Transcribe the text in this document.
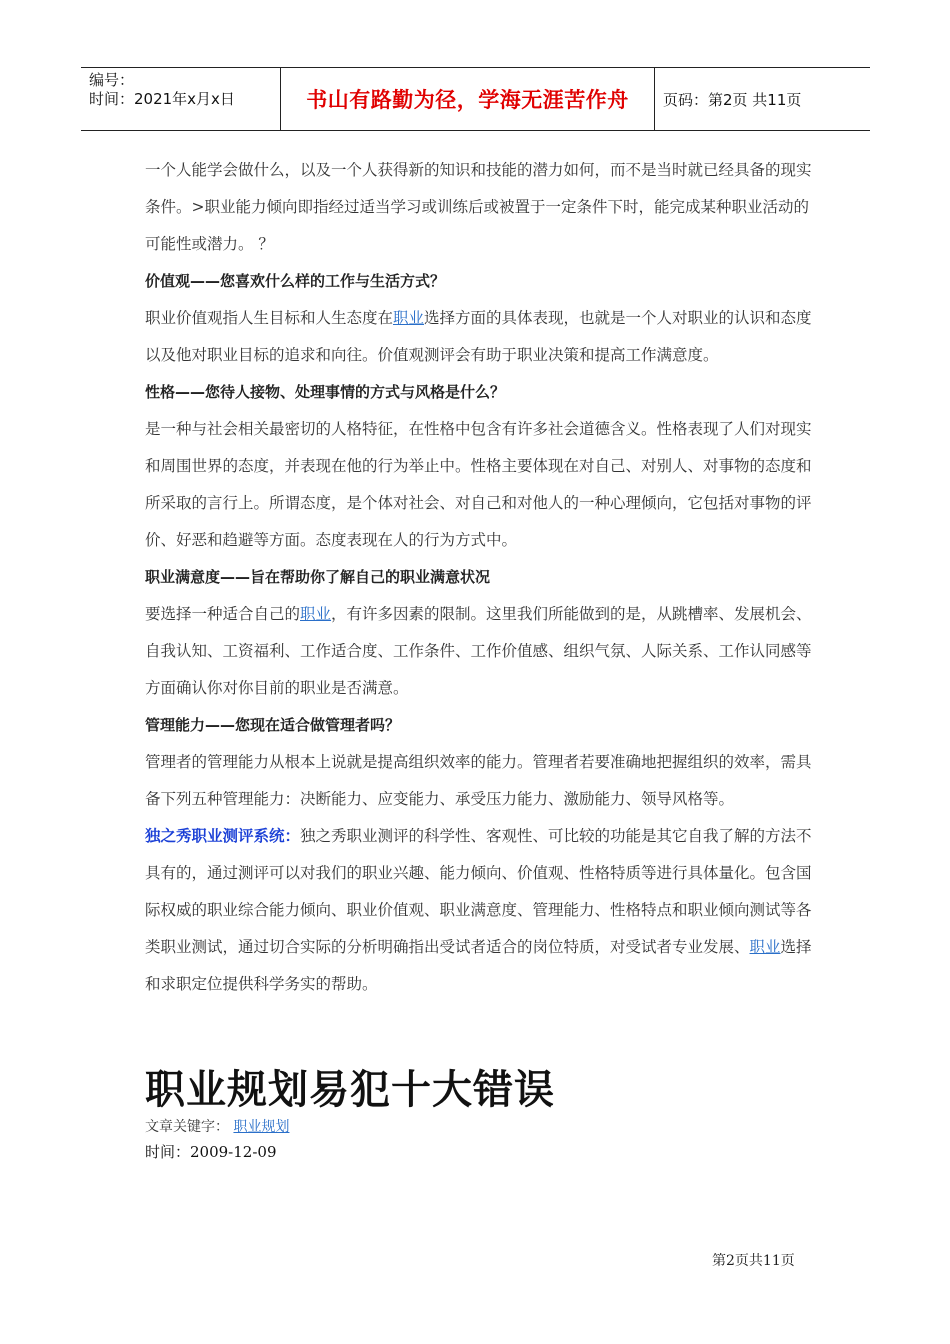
编号：
时间：2021年x月x日	书山有路勤为径，学海无涯苦作舟	页码：第2页 共11页

一个人能学会做什么，以及一个人获得新的知识和技能的潜力如何，而不是当时就已经具备的现实条件。>职业能力倾向即指经过适当学习或训练后或被置于一定条件下时，能完成某种职业活动的可能性或潜力。 ？

价值观——您喜欢什么样的工作与生活方式？

职业价值观指人生目标和人生态度在职业选择方面的具体表现，也就是一个人对职业的认识和态度以及他对职业目标的追求和向往。价值观测评会有助于职业决策和提高工作满意度。

性格——您待人接物、处理事情的方式与风格是什么？

是一种与社会相关最密切的人格特征，在性格中包含有许多社会道德含义。性格表现了人们对现实和周围世界的态度，并表现在他的行为举止中。性格主要体现在对自己、对别人、对事物的态度和所采取的言行上。所谓态度，是个体对社会、对自己和对他人的一种心理倾向，它包括对事物的评价、好恶和趋避等方面。态度表现在人的行为方式中。

职业满意度——旨在帮助你了解自己的职业满意状况

要选择一种适合自己的职业，有许多因素的限制。这里我们所能做到的是，从跳槽率、发展机会、自我认知、工资福利、工作适合度、工作条件、工作价值感、组织气氛、人际关系、工作认同感等方面确认你对你目前的职业是否满意。

管理能力——您现在适合做管理者吗？

管理者的管理能力从根本上说就是提高组织效率的能力。管理者若要准确地把握组织的效率，需具备下列五种管理能力：决断能力、应变能力、承受压力能力、激励能力、领导风格等。

独之秀职业测评系统：独之秀职业测评的科学性、客观性、可比较的功能是其它自我了解的方法不具有的，通过测评可以对我们的职业兴趣、能力倾向、价值观、性格特质等进行具体量化。包含国际权威的职业综合能力倾向、职业价值观、职业满意度、管理能力、性格特点和职业倾向测试等各类职业测试，通过切合实际的分析明确指出受试者适合的岗位特质，对受试者专业发展、职业选择和求职定位提供科学务实的帮助。

职业规划易犯十大错误
文章关键字： 职业规划
时间：2009-12-09
第2页共11页
